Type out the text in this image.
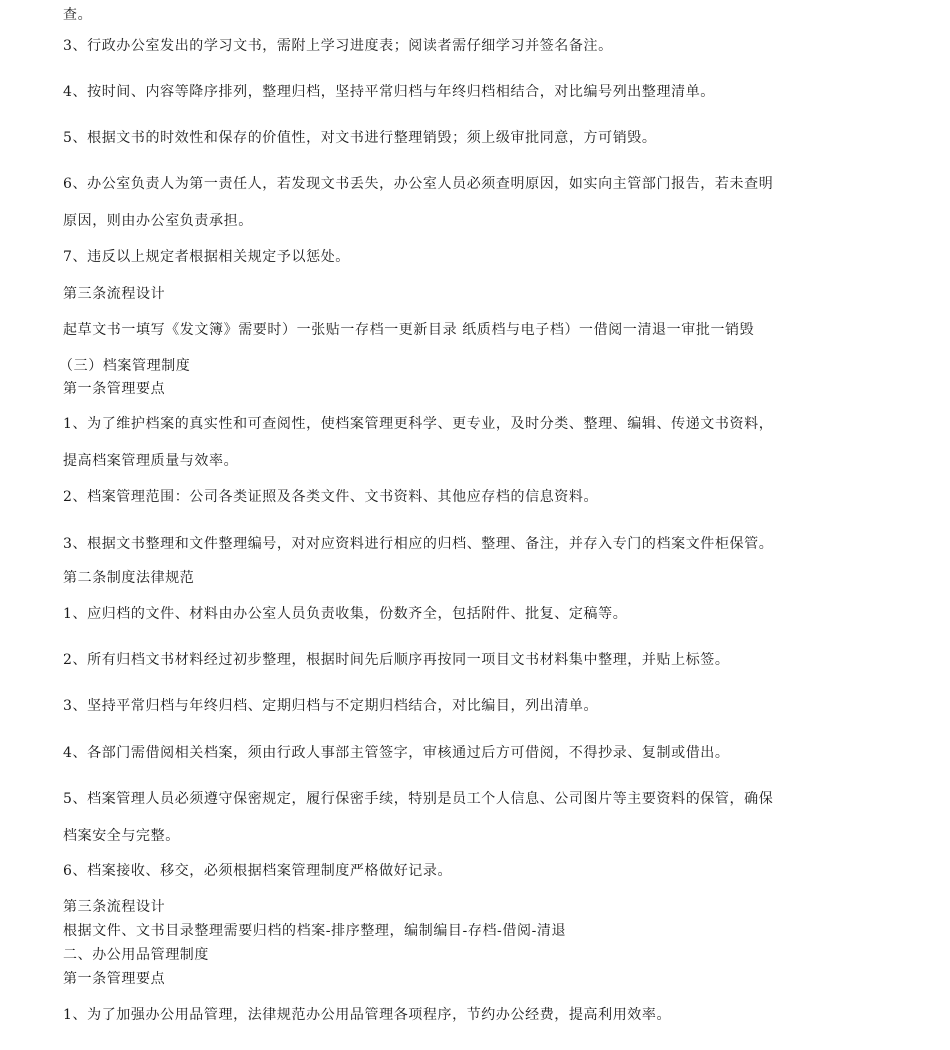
查。
3、行政办公室发出的学习文书，需附上学习进度表；阅读者需仔细学习并签名备注。
4、按时间、内容等降序排列，整理归档，坚持平常归档与年终归档相结合，对比编号列出整理清单。
5、根据文书的时效性和保存的价值性，对文书进行整理销毁；须上级审批同意，方可销毁。
6、办公室负责人为第一责任人，若发现文书丢失，办公室人员必须查明原因，如实向主管部门报告，若未查明
原因，则由办公室负责承担。
7、违反以上规定者根据相关规定予以惩处。
第三条流程设计
起草文书一填写《发文簿》需要时）一张贴一存档一更新目录 纸质档与电子档）一借阅一清退一审批一销毁
（三）档案管理制度
第一条管理要点
1、为了维护档案的真实性和可查阅性，使档案管理更科学、更专业，及时分类、整理、编辑、传递文书资料，
提高档案管理质量与效率。
2、档案管理范围：公司各类证照及各类文件、文书资料、其他应存档的信息资料。
3、根据文书整理和文件整理编号，对对应资料进行相应的归档、整理、备注，并存入专门的档案文件柜保管。
第二条制度法律规范
1、应归档的文件、材料由办公室人员负责收集，份数齐全，包括附件、批复、定稿等。
2、所有归档文书材料经过初步整理，根据时间先后顺序再按同一项目文书材料集中整理，并贴上标签。
3、坚持平常归档与年终归档、定期归档与不定期归档结合，对比编目，列出清单。
4、各部门需借阅相关档案，须由行政人事部主管签字，审核通过后方可借阅，不得抄录、复制或借出。
5、档案管理人员必须遵守保密规定，履行保密手续，特别是员工个人信息、公司图片等主要资料的保管，确保
档案安全与完整。
6、档案接收、移交，必须根据档案管理制度严格做好记录。
第三条流程设计
根据文件、文书目录整理需要归档的档案-排序整理，编制编目-存档-借阅-清退
二、办公用品管理制度
第一条管理要点
1、为了加强办公用品管理，法律规范办公用品管理各项程序，节约办公经费，提高利用效率。
